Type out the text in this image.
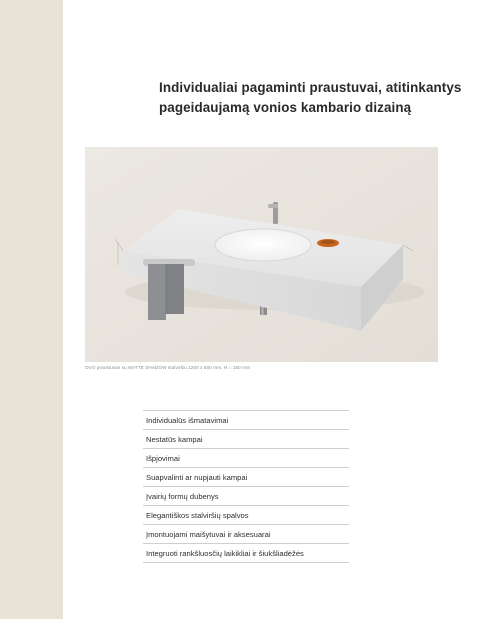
Individualiai pagaminti praustuvai, atitinkantys
pageidaujamą vonios kambario dizainą
OVO praustuvas su MATTE SHADOW stalviršiu 1200 x 500 mm. H = 150 mm
Individualūs išmatavimai
Nestatūs kampai
Išpjovimai
Suapvalinti ar nupjauti kampai
Įvairių formų dubenys
Elegantiškos stalviršių spalvos
Įmontuojami maišytuvai ir aksesuarai
Integruoti rankšluosčių laikikliai ir šiukšliadėžės
